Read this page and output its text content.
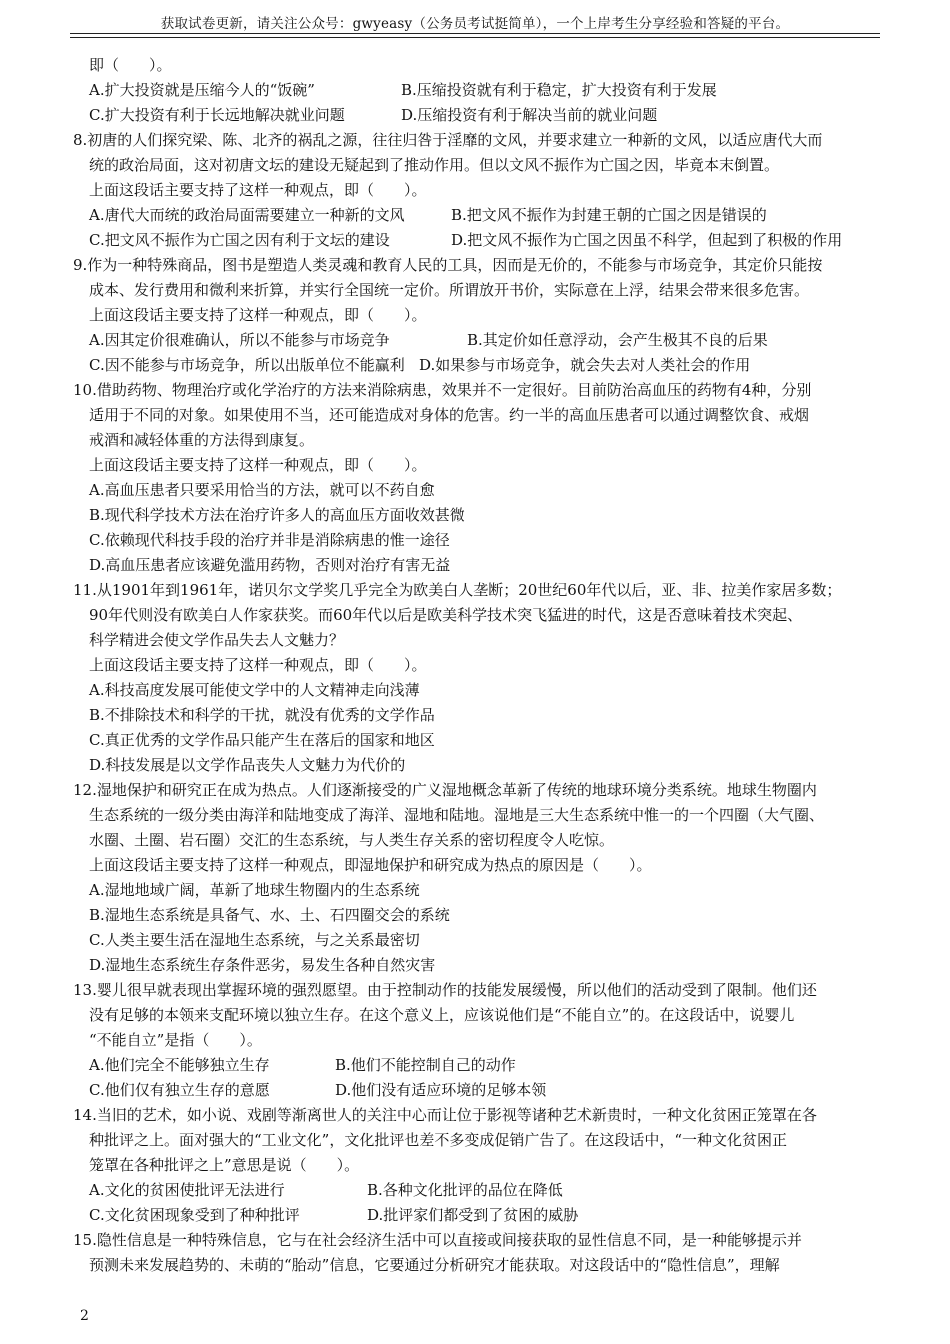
获取试卷更新，请关注公众号：gwyeasy（公务员考试挺简单），一个上岸考生分享经验和答疑的平台。
即（　　）。
A.扩大投资就是压缩今人的“饭碗”	B.压缩投资就有利于稳定，扩大投资有利于发展
C.扩大投资有利于长远地解决就业问题	D.压缩投资有利于解决当前的就业问题
8.初唐的人们探究梁、陈、北齐的祸乱之源，往往归咎于淫靡的文风，并要求建立一种新的文风，以适应唐代大而
统的政治局面，这对初唐文坛的建设无疑起到了推动作用。但以文风不振作为亡国之因，毕竟本末倒置。
上面这段话主要支持了这样一种观点，即（　　）。
A.唐代大而统的政治局面需要建立一种新的文风	B.把文风不振作为封建王朝的亡国之因是错误的
C.把文风不振作为亡国之因有利于文坛的建设	D.把文风不振作为亡国之因虽不科学，但起到了积极的作用
9.作为一种特殊商品，图书是塑造人类灵魂和教育人民的工具，因而是无价的，不能参与市场竞争，其定价只能按
成本、发行费用和微利来折算，并实行全国统一定价。所谓放开书价，实际意在上浮，结果会带来很多危害。
上面这段话主要支持了这样一种观点，即（　　）。
A.因其定价很难确认，所以不能参与市场竞争	B.其定价如任意浮动，会产生极其不良的后果
C.因不能参与市场竞争，所以出版单位不能赢利 D.如果参与市场竞争，就会失去对人类社会的作用
10.借助药物、物理治疗或化学治疗的方法来消除病患，效果并不一定很好。目前防治高血压的药物有4种，分别
适用于不同的对象。如果使用不当，还可能造成对身体的危害。约一半的高血压患者可以通过调整饮食、戒烟
戒酒和减轻体重的方法得到康复。
上面这段话主要支持了这样一种观点，即（　　）。
A.高血压患者只要采用恰当的方法，就可以不药自愈
B.现代科学技术方法在治疗许多人的高血压方面收效甚微
C.依赖现代科技手段的治疗并非是消除病患的惟一途径
D.高血压患者应该避免滥用药物，否则对治疗有害无益
11.从1901年到1961年，诺贝尔文学奖几乎完全为欧美白人垄断；20世纪60年代以后，亚、非、拉美作家居多数；
90年代则没有欧美白人作家获奖。而60年代以后是欧美科学技术突飞猛进的时代，这是否意味着技术突起、
科学精进会使文学作品失去人文魅力？
上面这段话主要支持了这样一种观点，即（　　）。
A.科技高度发展可能使文学中的人文精神走向浅薄
B.不排除技术和科学的干扰，就没有优秀的文学作品
C.真正优秀的文学作品只能产生在落后的国家和地区
D.科技发展是以文学作品丧失人文魅力为代价的
12.湿地保护和研究正在成为热点。人们逐渐接受的广义湿地概念革新了传统的地球环境分类系统。地球生物圈内
生态系统的一级分类由海洋和陆地变成了海洋、湿地和陆地。湿地是三大生态系统中惟一的一个四圈（大气圈、
水圈、土圈、岩石圈）交汇的生态系统，与人类生存关系的密切程度令人吃惊。
上面这段话主要支持了这样一种观点，即湿地保护和研究成为热点的原因是（　　）。
A.湿地地域广阔，革新了地球生物圈内的生态系统
B.湿地生态系统是具备气、水、土、石四圈交会的系统
C.人类主要生活在湿地生态系统，与之关系最密切
D.湿地生态系统生存条件恶劣，易发生各种自然灾害
13.婴儿很早就表现出掌握环境的强烈愿望。由于控制动作的技能发展缓慢，所以他们的活动受到了限制。他们还
没有足够的本领来支配环境以独立生存。在这个意义上，应该说他们是“不能自立”的。在这段话中，说婴儿
“不能自立”是指（　　）。
A.他们完全不能够独立生存	B.他们不能控制自己的动作
C.他们仅有独立生存的意愿	D.他们没有适应环境的足够本领
14.当旧的艺术，如小说、戏剧等渐离世人的关注中心而让位于影视等诸种艺术新贵时，一种文化贫困正笼罩在各
种批评之上。面对强大的“工业文化”，文化批评也差不多变成促销广告了。在这段话中，“一种文化贫困正
笼罩在各种批评之上”意思是说（　　）。
A.文化的贫困使批评无法进行	B.各种文化批评的品位在降低
C.文化贫困现象受到了种种批评	D.批评家们都受到了贫困的威胁
15.隐性信息是一种特殊信息，它与在社会经济生活中可以直接或间接获取的显性信息不同，是一种能够提示并
预测未来发展趋势的、未萌的“胎动”信息，它要通过分析研究才能获取。对这段话中的“隐性信息”，理解
2
